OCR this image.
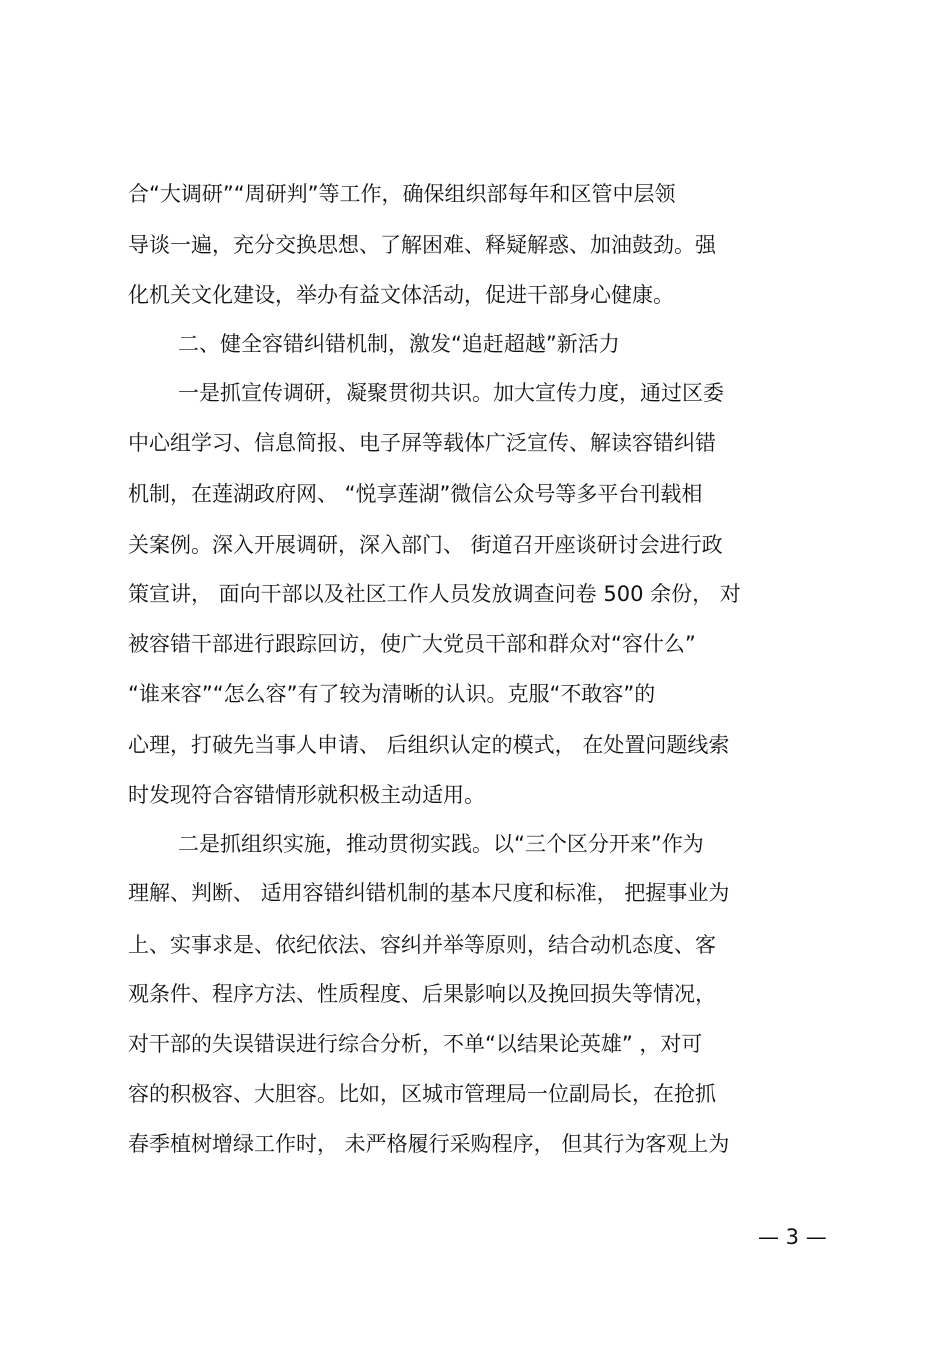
合“大调研”“周研判”等工作，确保组织部每年和区管中层领
导谈一遍，充分交换思想、了解困难、释疑解惑、加油鼓劲。强
化机关文化建设，举办有益文体活动，促进干部身心健康。
二、健全容错纠错机制，激发“追赶超越”新活力
一是抓宣传调研，凝聚贯彻共识。加大宣传力度，通过区委
中心组学习、信息简报、电子屏等载体广泛宣传、解读容错纠错
机制，在莲湖政府网、 “悦享莲湖”微信公众号等多平台刊载相
关案例。深入开展调研，深入部门、 街道召开座谈研讨会进行政
策宣讲， 面向干部以及社区工作人员发放调查问卷 500 余份， 对
被容错干部进行跟踪回访，使广大党员干部和群众对“容什么”
“谁来容”“怎么容”有了较为清晰的认识。克服“不敢容”的
心理，打破先当事人申请、 后组织认定的模式， 在处置问题线索
时发现符合容错情形就积极主动适用。
二是抓组织实施，推动贯彻实践。以“三个区分开来”作为
理解、判断、 适用容错纠错机制的基本尺度和标准， 把握事业为
上、实事求是、依纪依法、容纠并举等原则，结合动机态度、客
观条件、程序方法、性质程度、后果影响以及挽回损失等情况，
对干部的失误错误进行综合分析，不单“以结果论英雄” ，对可
容的积极容、大胆容。比如，区城市管理局一位副局长，在抢抓
春季植树增绿工作时， 未严格履行采购程序， 但其行为客观上为
— 3 —
